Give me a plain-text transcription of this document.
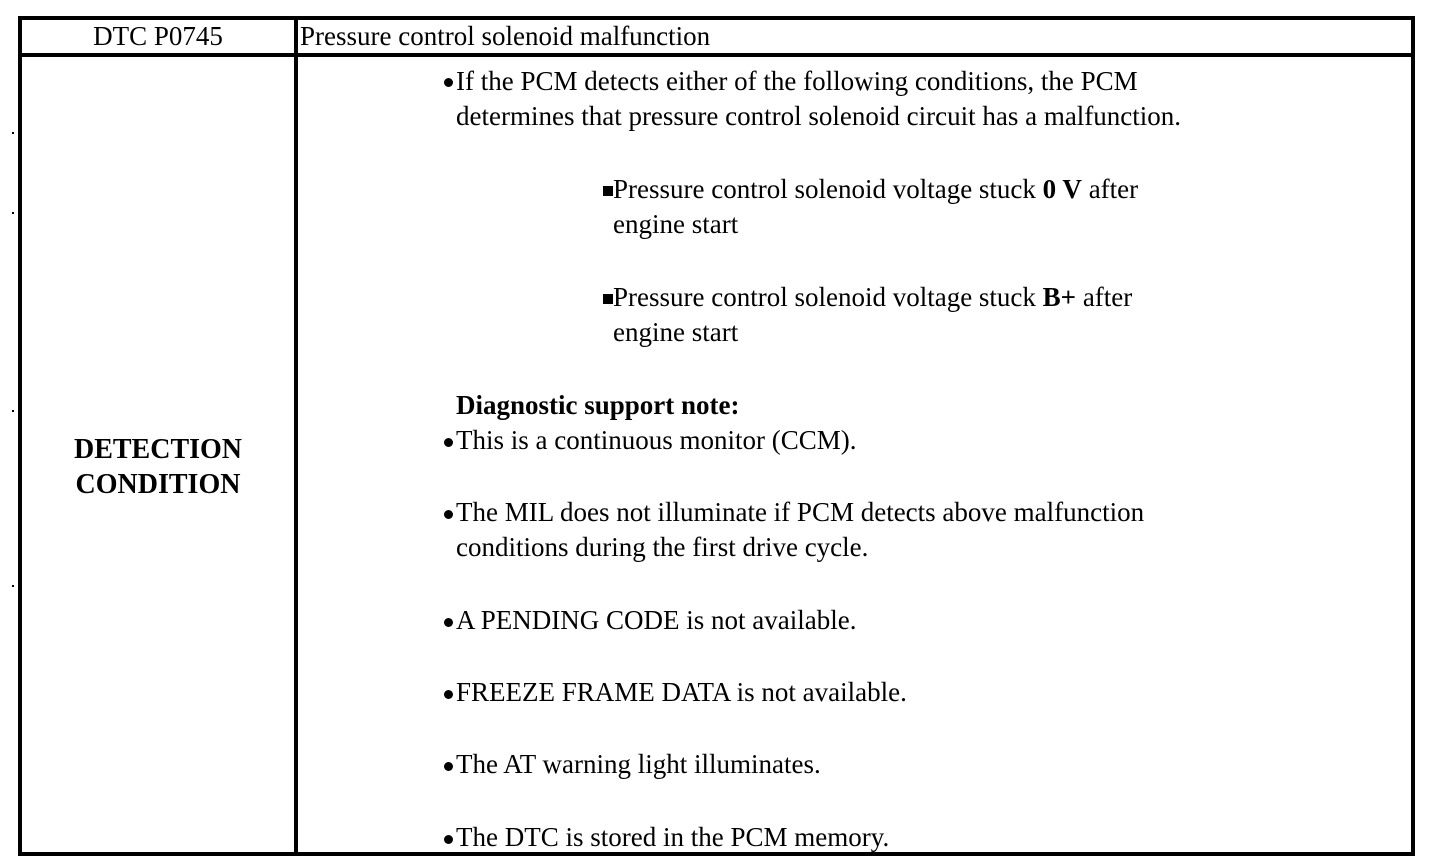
DTC P0745	Pressure control solenoid malfunction
DETECTION
CONDITION
If the PCM detects either of the following conditions, the PCM
determines that pressure control solenoid circuit has a malfunction.
Pressure control solenoid voltage stuck 0 V after
engine start
Pressure control solenoid voltage stuck B+ after
engine start
Diagnostic support note:
This is a continuous monitor (CCM).
The MIL does not illuminate if PCM detects above malfunction
conditions during the first drive cycle.
A PENDING CODE is not available.
FREEZE FRAME DATA is not available.
The AT warning light illuminates.
The DTC is stored in the PCM memory.
